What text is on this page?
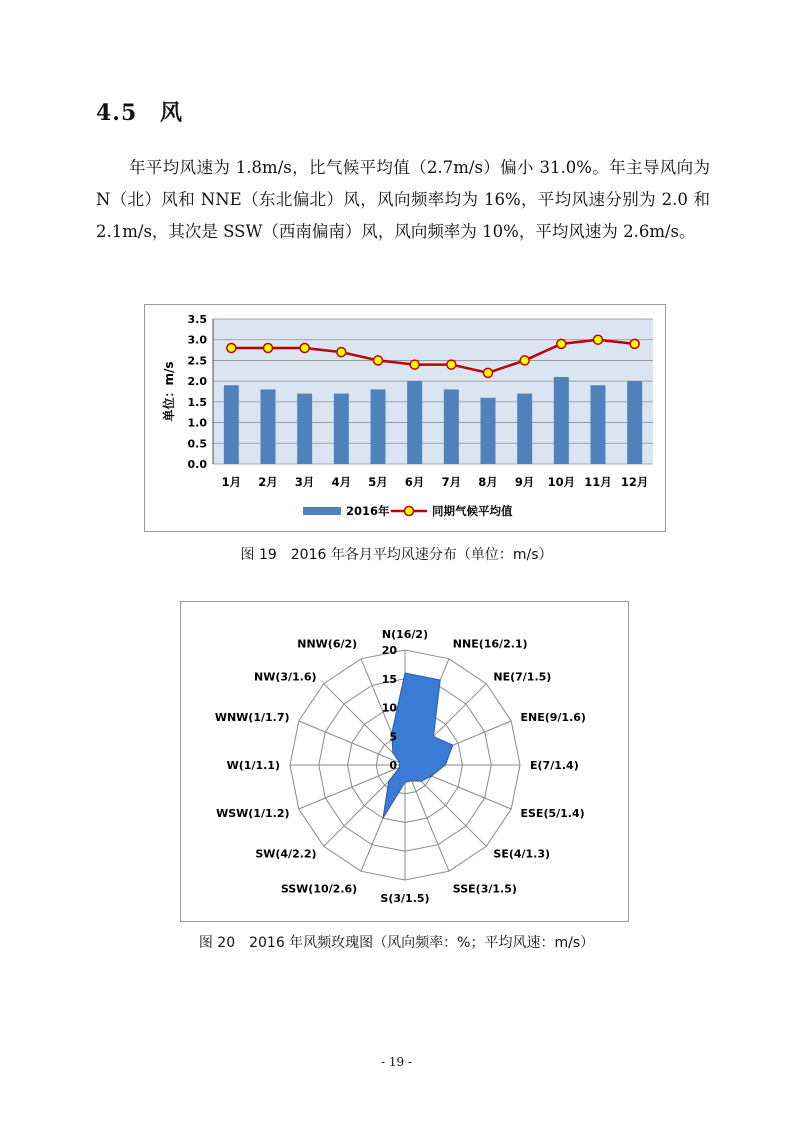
4.5 风
年平均风速为 1.8m/s，比气候平均值（2.7m/s）偏小 31.0%。年主导风向为 N（北）风和 NNE（东北偏北）风，风向频率均为 16%，平均风速分别为 2.0 和 2.1m/s，其次是 SSW（西南偏南）风，风向频率为 10%，平均风速为 2.6m/s。
0.0
0.5
1.0
1.5
2.0
2.5
3.0
3.5
单位：m/s
1月 2月 3月 4月 5月 6月 7月 8月 9月 10月 11月 12月
2016年	同期气候平均值
图 19　2016 年各月平均风速分布（单位：m/s）
0
5
10
15
20
N(16/2)
NNE(16/2.1)
NE(7/1.5)
ENE(9/1.6)
E(7/1.4)
ESE(5/1.4)
SE(4/1.3)
SSE(3/1.5)
S(3/1.5)
SSW(10/2.6)
SW(4/2.2)
WSW(1/1.2)
W(1/1.1)
WNW(1/1.7)
NW(3/1.6)
NNW(6/2)
图 20　2016 年风频玫瑰图（风向频率：%；平均风速：m/s）
- 19 -
